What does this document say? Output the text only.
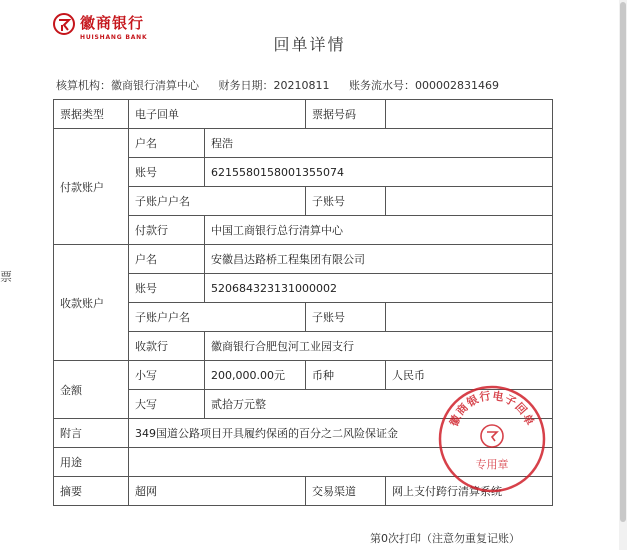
票
徽商银行
HUISHANG BANK	回单详情
核算机构：徽商银行清算中心 财务日期：20210811 账务流水号：000002831469
票据类型	电子回单		票据号码	
付款账户	户名	程浩		
	账号	6215580158001355074		
	子账户户名		子账号	
	付款行	中国工商银行总行清算中心		
收款账户	户名	安徽昌达路桥工程集团有限公司		
	账号	520684323131000002		
	子账户户名		子账号	
	收款行	徽商银行合肥包河工业园支行		
金额	小写	200,000.00元	币种	人民币
	大写	贰拾万元整		
附言	349国道公路项目开具履约保函的百分之二风险保证金			
用途				
摘要	超网		交易渠道	网上支付跨行清算系统
徽商银行电子回单
专用章
第0次打印（注意勿重复记账）
